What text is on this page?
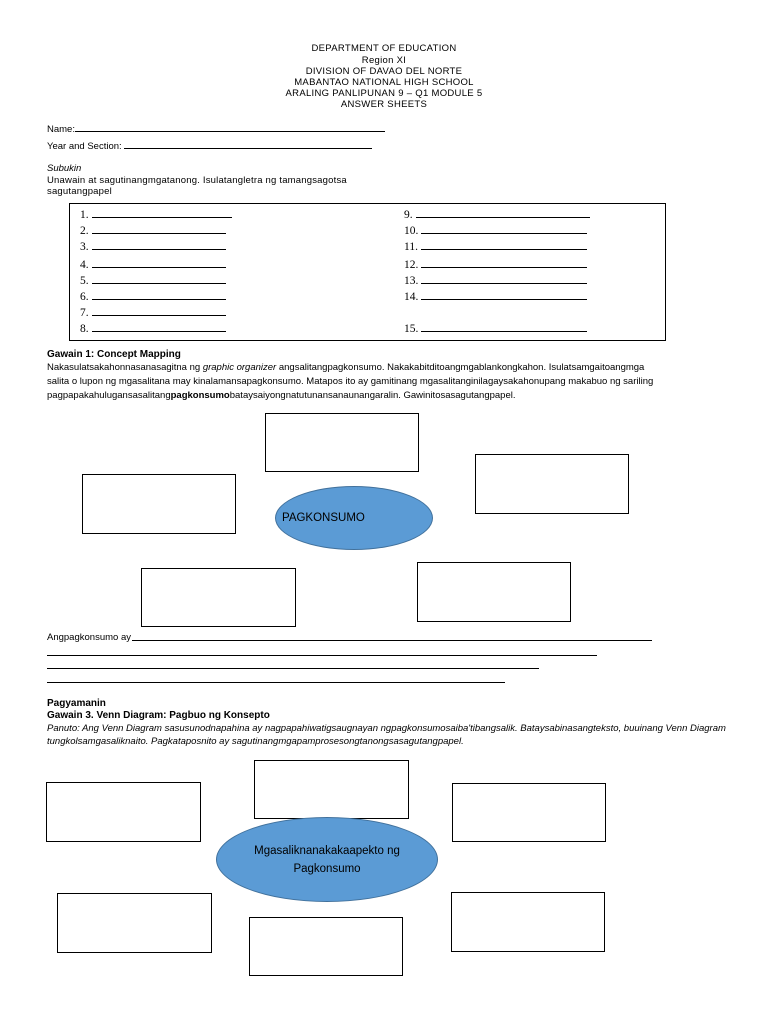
DEPARTMENT OF EDUCATION
Region XI
DIVISION OF DAVAO DEL NORTE
MABANTAO NATIONAL HIGH SCHOOL
ARALING PANLIPUNAN 9 – Q1 MODULE 5
ANSWER SHEETS
Name:
Year and Section:
Subukin
Unawain at sagutinangmgatanong. Isulatangletra ng tamangsagotsa
sagutangpapel
Gawain 1: Concept Mapping
Nakasulatsakahonnasanasagitna ng graphic organizer angsalitangpagkonsumo. Nakakabitditoangmgablankongkahon. Isulatsamgaitoangmga
salita o lupon ng mgasalitana may kinalamansapagkonsumo. Matapos ito ay gamitinang mgasalitanginilagaysakahonupang makabuo ng sariling
pagpapakahulugansasalitangpagkonsumobataysaiyongnatutunansanaunangaralin. Gawinitosasagutangpapel.
PAGKONSUMO
Angpagkonsumo ay
Pagyamanin
Gawain 3. Venn Diagram: Pagbuo ng Konsepto
Panuto: Ang Venn Diagram sasusunodnapahina ay nagpapahiwatigsaugnayan ngpagkonsumosaiba'tibangsalik. Bataysabinasangteksto, buuinang Venn Diagram
tungkolsamgasaliknaito. Pagkataposnito ay sagutinangmgapamprosesongtanongsasagutangpapel.
Mgasaliknanakakaapekto ng
Pagkonsumo
1.
2.
3.
4.
5.
6.
7.
8.
9.
10.
11.
12.
13.
14.
15.
